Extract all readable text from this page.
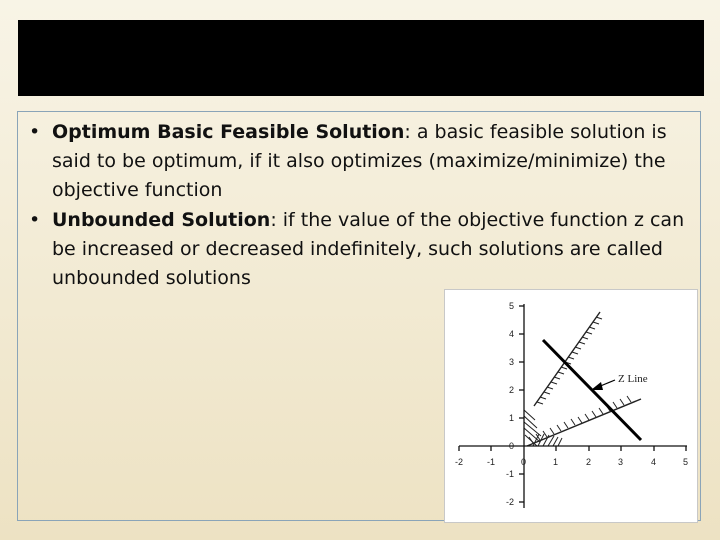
• Optimum Basic Feasible Solution: a basic feasible solution is said to be optimum, if it also optimizes (maximize/minimize) the objective function
• Unbounded Solution: if the value of the objective function z can be increased or decreased indefinitely, such solutions are called unbounded solutions
Z Line
-2	-1	0	1	2	3	4	5
5
4
3
2
1
0
-1
-2
